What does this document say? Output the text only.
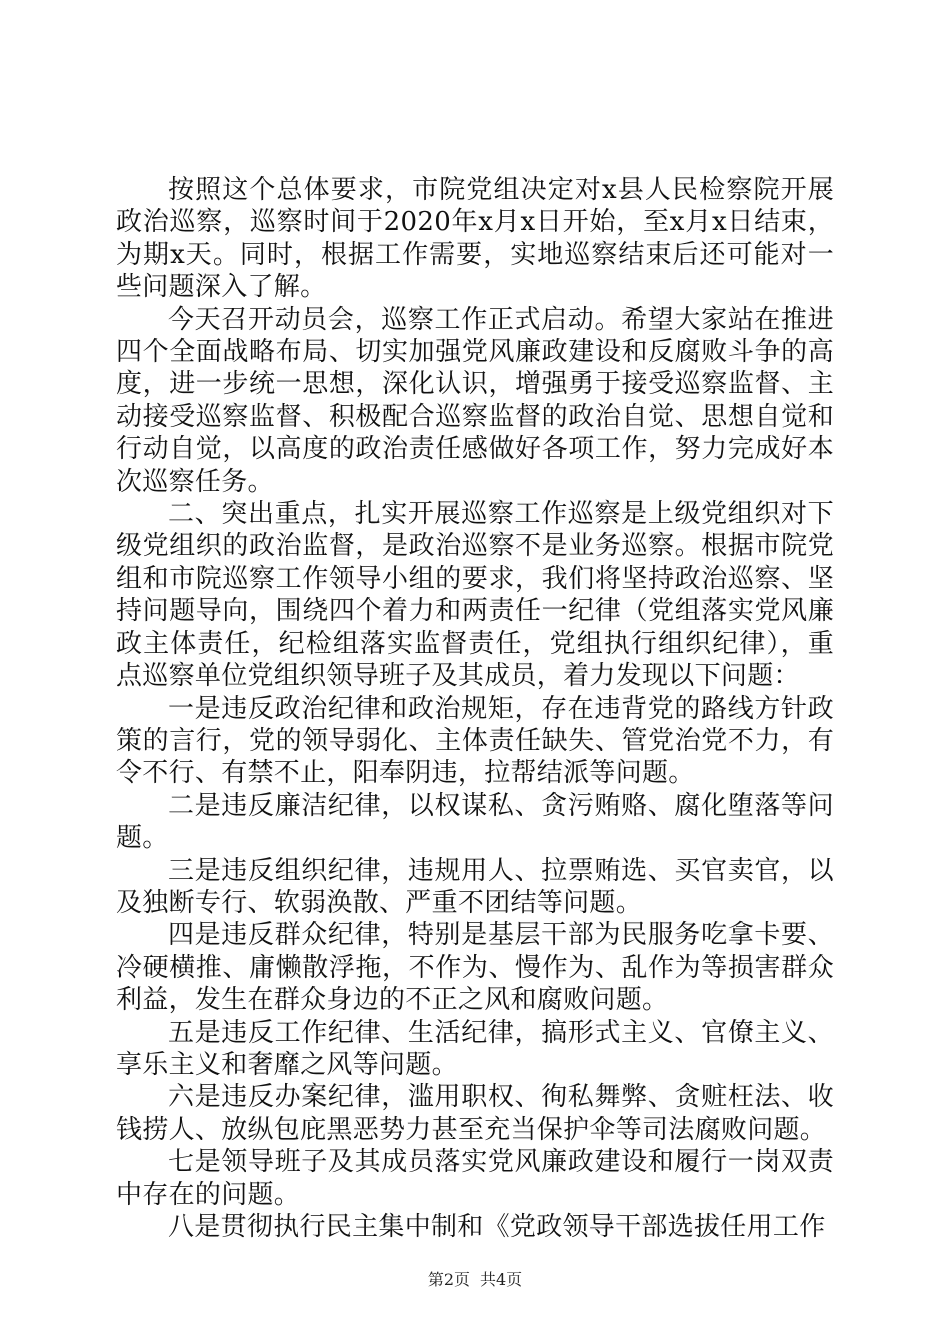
按照这个总体要求，市院党组决定对x县人民检察院开展政治巡察，巡察时间于2020年x月x日开始，至x月x日结束，为期x天。同时，根据工作需要，实地巡察结束后还可能对一些问题深入了解。

今天召开动员会，巡察工作正式启动。希望大家站在推进四个全面战略布局、切实加强党风廉政建设和反腐败斗争的高度，进一步统一思想，深化认识，增强勇于接受巡察监督、主动接受巡察监督、积极配合巡察监督的政治自觉、思想自觉和行动自觉，以高度的政治责任感做好各项工作，努力完成好本次巡察任务。

二、突出重点，扎实开展巡察工作巡察是上级党组织对下级党组织的政治监督，是政治巡察不是业务巡察。根据市院党组和市院巡察工作领导小组的要求，我们将坚持政治巡察、坚持问题导向，围绕四个着力和两责任一纪律（党组落实党风廉政主体责任，纪检组落实监督责任，党组执行组织纪律），重点巡察单位党组织领导班子及其成员，着力发现以下问题：

一是违反政治纪律和政治规矩，存在违背党的路线方针政策的言行，党的领导弱化、主体责任缺失、管党治党不力，有令不行、有禁不止，阳奉阴违，拉帮结派等问题。

二是违反廉洁纪律，以权谋私、贪污贿赂、腐化堕落等问题。

三是违反组织纪律，违规用人、拉票贿选、买官卖官，以及独断专行、软弱涣散、严重不团结等问题。

四是违反群众纪律，特别是基层干部为民服务吃拿卡要、冷硬横推、庸懒散浮拖，不作为、慢作为、乱作为等损害群众利益，发生在群众身边的不正之风和腐败问题。

五是违反工作纪律、生活纪律，搞形式主义、官僚主义、享乐主义和奢靡之风等问题。

六是违反办案纪律，滥用职权、徇私舞弊、贪赃枉法、收钱捞人、放纵包庇黑恶势力甚至充当保护伞等司法腐败问题。

七是领导班子及其成员落实党风廉政建设和履行一岗双责中存在的问题。

八是贯彻执行民主集中制和《党政领导干部选拔任用工作

第2页 共4页
